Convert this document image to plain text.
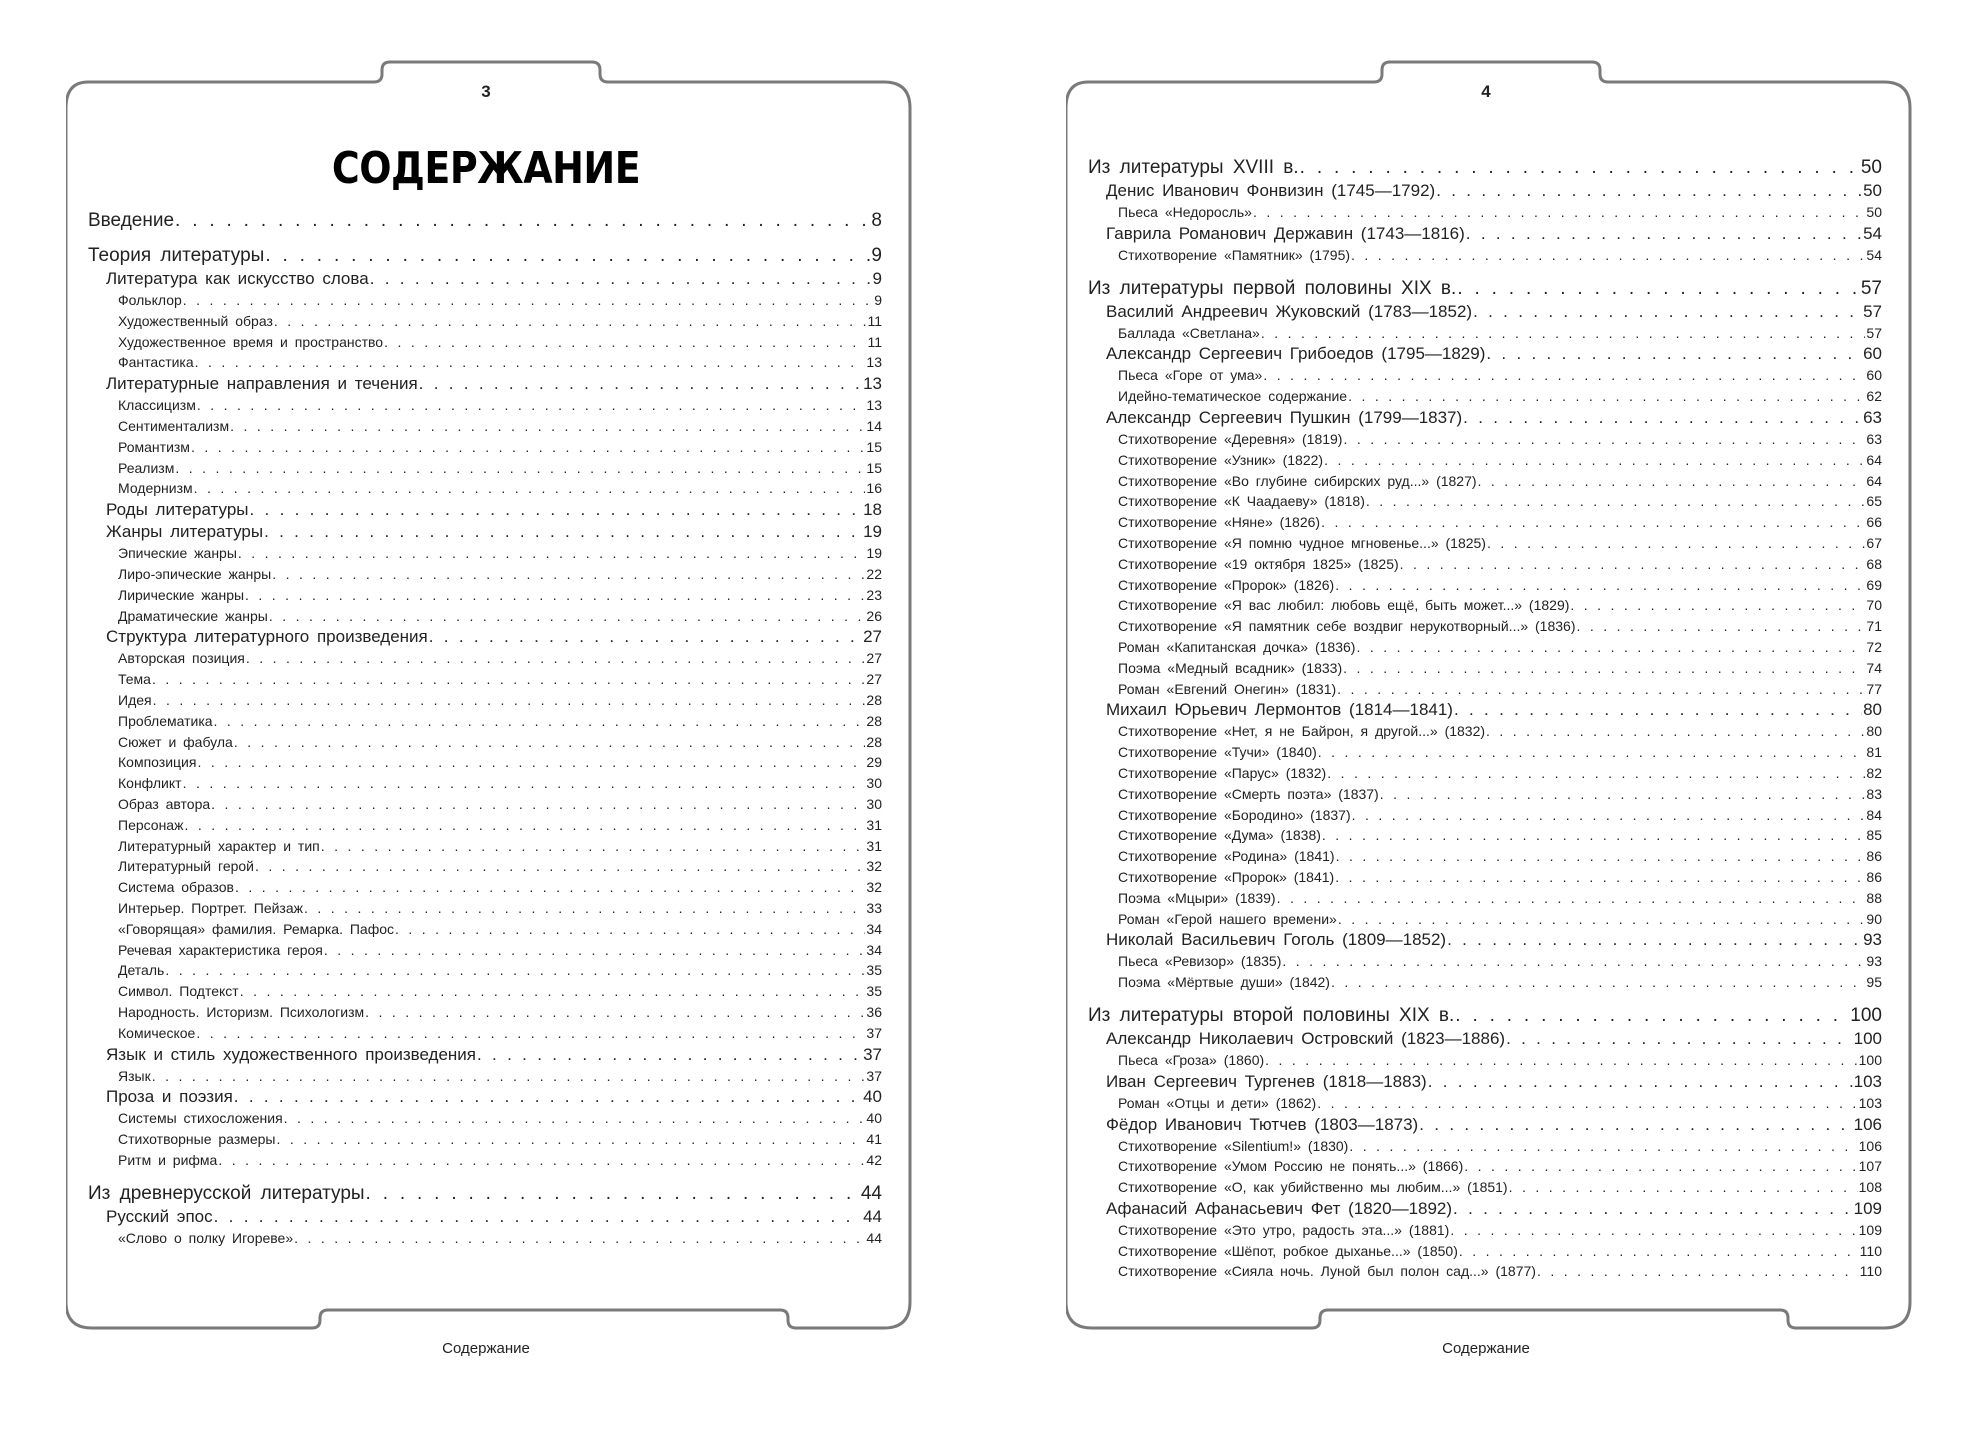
3
СОДЕРЖАНИЕ
Введение . . .	8
Теория литературы . . .	9
Литература как искусство слова . . .	9
Фольклор . . .	9
Художественный образ . . .	11
Художественное время и пространство . . .	11
Фантастика . . .	13
Литературные направления и течения . . .	13
Классицизм . . .	13
Сентиментализм . . .	14
Романтизм . . .	15
Реализм . . .	15
Модернизм . . .	16
Роды литературы . . .	18
Жанры литературы . . .	19
Эпические жанры . . .	19
Лиро-эпические жанры . . .	22
Лирические жанры . . .	23
Драматические жанры . . .	26
Структура литературного произведения . . .	27
Авторская позиция . . .	27
Тема . . .	27
Идея . . .	28
Проблематика . . .	28
Сюжет и фабула . . .	28
Композиция . . .	29
Конфликт . . .	30
Образ автора . . .	30
Персонаж . . .	31
Литературный характер и тип . . .	31
Литературный герой . . .	32
Система образов . . .	32
Интерьер. Портрет. Пейзаж . . .	33
«Говорящая» фамилия. Ремарка. Пафос . . .	34
Речевая характеристика героя . . .	34
Деталь . . .	35
Символ. Подтекст . . .	35
Народность. Историзм. Психологизм . . .	36
Комическое . . .	37
Язык и стиль художественного произведения . . .	37
Язык . . .	37
Проза и поэзия . . .	40
Системы стихосложения . . .	40
Стихотворные размеры . . .	41
Ритм и рифма . . .	42
Из древнерусской литературы . . .	44
Русский эпос . . .	44
«Слово о полку Игореве» . . .	44
Содержание
4
Из литературы XVIII в. . . .	50
Денис Иванович Фонвизин (1745—1792) . . .	50
Пьеса «Недоросль» . . .	50
Гаврила Романович Державин (1743—1816) . . .	54
Стихотворение «Памятник» (1795) . . .	54
Из литературы первой половины XIX в. . . .	57
Василий Андреевич Жуковский (1783—1852) . . .	57
Баллада «Светлана» . . .	57
Александр Сергеевич Грибоедов (1795—1829) . . .	60
Пьеса «Горе от ума» . . .	60
Идейно-тематическое содержание . . .	62
Александр Сергеевич Пушкин (1799—1837) . . .	63
Стихотворение «Деревня» (1819) . . .	63
Стихотворение «Узник» (1822) . . .	64
Стихотворение «Во глубине сибирских руд...» (1827) . . .	64
Стихотворение «К Чаадаеву» (1818) . . .	65
Стихотворение «Няне» (1826) . . .	66
Стихотворение «Я помню чудное мгновенье...» (1825) . . .	67
Стихотворение «19 октября 1825» (1825) . . .	68
Стихотворение «Пророк» (1826) . . .	69
Стихотворение «Я вас любил: любовь ещё, быть может...» (1829) . . .	70
Стихотворение «Я памятник себе воздвиг нерукотворный...» (1836) . . .	71
Роман «Капитанская дочка» (1836) . . .	72
Поэма «Медный всадник» (1833) . . .	74
Роман «Евгений Онегин» (1831) . . .	77
Михаил Юрьевич Лермонтов (1814—1841) . . .	80
Стихотворение «Нет, я не Байрон, я другой...» (1832) . . .	80
Стихотворение «Тучи» (1840) . . .	81
Стихотворение «Парус» (1832) . . .	82
Стихотворение «Смерть поэта» (1837) . . .	83
Стихотворение «Бородино» (1837) . . .	84
Стихотворение «Дума» (1838) . . .	85
Стихотворение «Родина» (1841) . . .	86
Стихотворение «Пророк» (1841) . . .	86
Поэма «Мцыри» (1839) . . .	88
Роман «Герой нашего времени» . . .	90
Николай Васильевич Гоголь (1809—1852) . . .	93
Пьеса «Ревизор» (1835) . . .	93
Поэма «Мёртвые души» (1842) . . .	95
Из литературы второй половины XIX в. . . .	100
Александр Николаевич Островский (1823—1886) . . .	100
Пьеса «Гроза» (1860) . . .	100
Иван Сергеевич Тургенев (1818—1883) . . .	103
Роман «Отцы и дети» (1862) . . .	103
Фёдор Иванович Тютчев (1803—1873) . . .	106
Стихотворение «Silentium!» (1830) . . .	106
Стихотворение «Умом Россию не понять...» (1866) . . .	107
Стихотворение «О, как убийственно мы любим...» (1851) . . .	108
Афанасий Афанасьевич Фет (1820—1892) . . .	109
Стихотворение «Это утро, радость эта...» (1881) . . .	109
Стихотворение «Шёпот, робкое дыханье...» (1850) . . .	110
Стихотворение «Сияла ночь. Луной был полон сад...» (1877) . . .	110
Содержание
